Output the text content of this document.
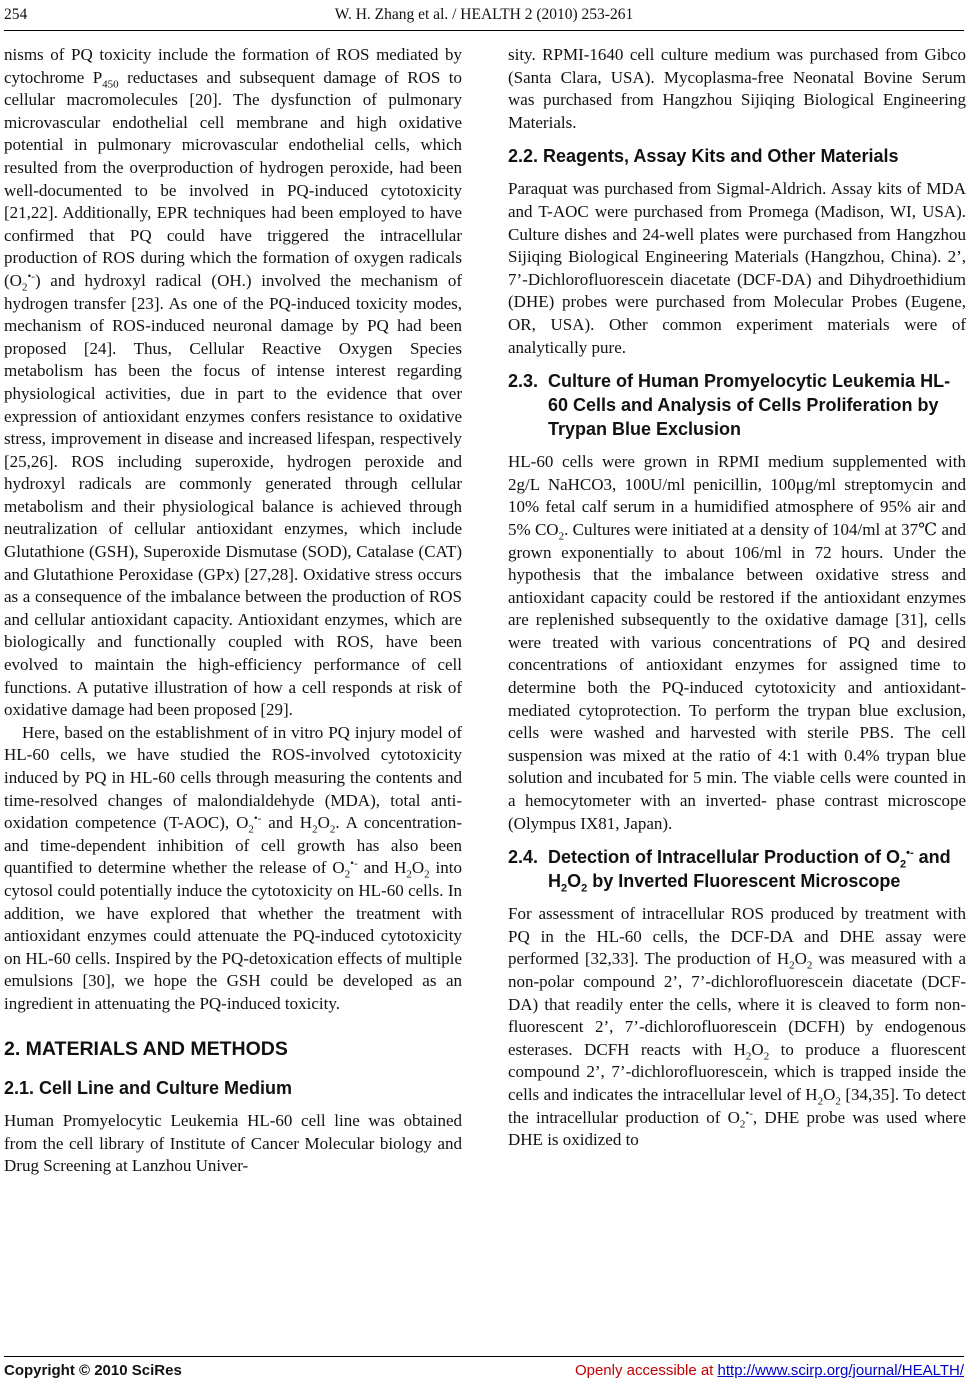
254	W. H. Zhang et al. / HEALTH 2 (2010) 253-261

nisms of PQ toxicity include the formation of ROS mediated by cytochrome $P_{450}$ reductases and subsequent damage of ROS to cellular macromolecules [20]. The dysfunction of pulmonary microvascular endothelial cell membrane and high oxidative potential in pulmonary microvascular endothelial cells, which resulted from the overproduction of hydrogen peroxide, had been well-documented to be involved in PQ-induced cytotoxicity [21,22]. Additionally, EPR techniques had been employed to have confirmed that PQ could have triggered the intracellular production of ROS during which the formation of oxygen radicals $(O_2^{•-})$ and hydroxyl radical (OH.) involved the mechanism of hydrogen transfer [23]. As one of the PQ-induced toxicity modes, mechanism of ROS-induced neuronal damage by PQ had been proposed [24]. Thus, Cellular Reactive Oxygen Species metabolism has been the focus of intense interest regarding physiological activities, due in part to the evidence that over expression of antioxidant enzymes confers resistance to oxidative stress, improvement in disease and increased lifespan, respectively [25,26]. ROS including superoxide, hydrogen peroxide and hydroxyl radicals are commonly generated through cellular metabolism and their physiological balance is achieved through neutralization of cellular antioxidant enzymes, which include Glutathione (GSH), Superoxide Dismutase (SOD), Catalase (CAT) and Glutathione Peroxidase (GPx) [27,28]. Oxidative stress occurs as a consequence of the imbalance between the production of ROS and cellular antioxidant capacity. Antioxidant enzymes, which are biologically and functionally coupled with ROS, have been evolved to maintain the high-efficiency performance of cell functions. A putative illustration of how a cell responds at risk of oxidative damage had been proposed [29].

Here, based on the establishment of in vitro PQ injury model of HL-60 cells, we have studied the ROS-involved cytotoxicity induced by PQ in HL-60 cells through measuring the contents and time-resolved changes of malondialdehyde (MDA), total anti-oxidation competence (T-AOC), $O_2^{•-}$ and $H_2O_2$. A concentration- and time-dependent inhibition of cell growth has also been quantified to determine whether the release of $O_2^{•-}$ and $H_2O_2$ into cytosol could potentially induce the cytotoxicity on HL-60 cells. In addition, we have explored that whether the treatment with antioxidant enzymes could attenuate the PQ-induced cytotoxicity on HL-60 cells. Inspired by the PQ-detoxication effects of multiple emulsions [30], we hope the GSH could be developed as an ingredient in attenuating the PQ-induced toxicity.

2. MATERIALS AND METHODS
2.1. Cell Line and Culture Medium

Human Promyelocytic Leukemia HL-60 cell line was obtained from the cell library of Institute of Cancer Molecular biology and Drug Screening at Lanzhou Univer-

sity. RPMI-1640 cell culture medium was purchased from Gibco (Santa Clara, USA). Mycoplasma-free Neonatal Bovine Serum was purchased from Hangzhou Sijiqing Biological Engineering Materials.

2.2. Reagents, Assay Kits and Other Materials

Paraquat was purchased from Sigmal-Aldrich. Assay kits of MDA and T-AOC were purchased from Promega (Madison, WI, USA). Culture dishes and 24-well plates were purchased from Hangzhou Sijiqing Biological Engineering Materials (Hangzhou, China). 2’, 7’-Dichlorofluorescein diacetate (DCF-DA) and Dihydroethidium (DHE) probes were purchased from Molecular Probes (Eugene, OR, USA). Other common experiment materials were of analytically pure.

2.3. Culture of Human Promyelocytic Leukemia HL-60 Cells and Analysis of Cells Proliferation by Trypan Blue Exclusion

HL-60 cells were grown in RPMI medium supplemented with 2g/L NaHCO3, 100U/ml penicillin, 100μg/ml streptomycin and 10% fetal calf serum in a humidified atmosphere of 95% air and 5% $CO_2$. Cultures were initiated at a density of 104/ml at 37℃ and grown exponentially to about 106/ml in 72 hours. Under the hypothesis that the imbalance between oxidative stress and antioxidant capacity could be restored if the antioxidant enzymes are replenished subsequently to the oxidative damage [31], cells were treated with various concentrations of PQ and desired concentrations of antioxidant enzymes for assigned time to determine both the PQ-induced cytotoxicity and antioxidant-mediated cytoprotection. To perform the trypan blue exclusion, cells were washed and harvested with sterile PBS. The cell suspension was mixed at the ratio of 4:1 with 0.4% trypan blue solution and incubated for 5 min. The viable cells were counted in a hemocytometer with an inverted- phase contrast microscope (Olympus IX81, Japan).

2.4. Detection of Intracellular Production of $O_2^{•-}$ and $H_2O_2$ by Inverted Fluorescent Microscope

For assessment of intracellular ROS produced by treatment with PQ in the HL-60 cells, the DCF-DA and DHE assay were performed [32,33]. The production of $H_2O_2$ was measured with a non-polar compound 2’, 7’-dichlorofluorescein diacetate (DCF-DA) that readily enter the cells, where it is cleaved to form non-fluorescent 2’, 7’-dichlorofluorescein (DCFH) by endogenous esterases. DCFH reacts with $H_2O_2$ to produce a fluorescent compound 2’, 7’-dichlorofluorescein, which is trapped inside the cells and indicates the intracellular level of $H_2O_2$ [34,35]. To detect the intracellular production of $O_2^{•-}$, DHE probe was used where DHE is oxidized to

Copyright © 2010 SciRes	Openly accessible at http://www.scirp.org/journal/HEALTH/
